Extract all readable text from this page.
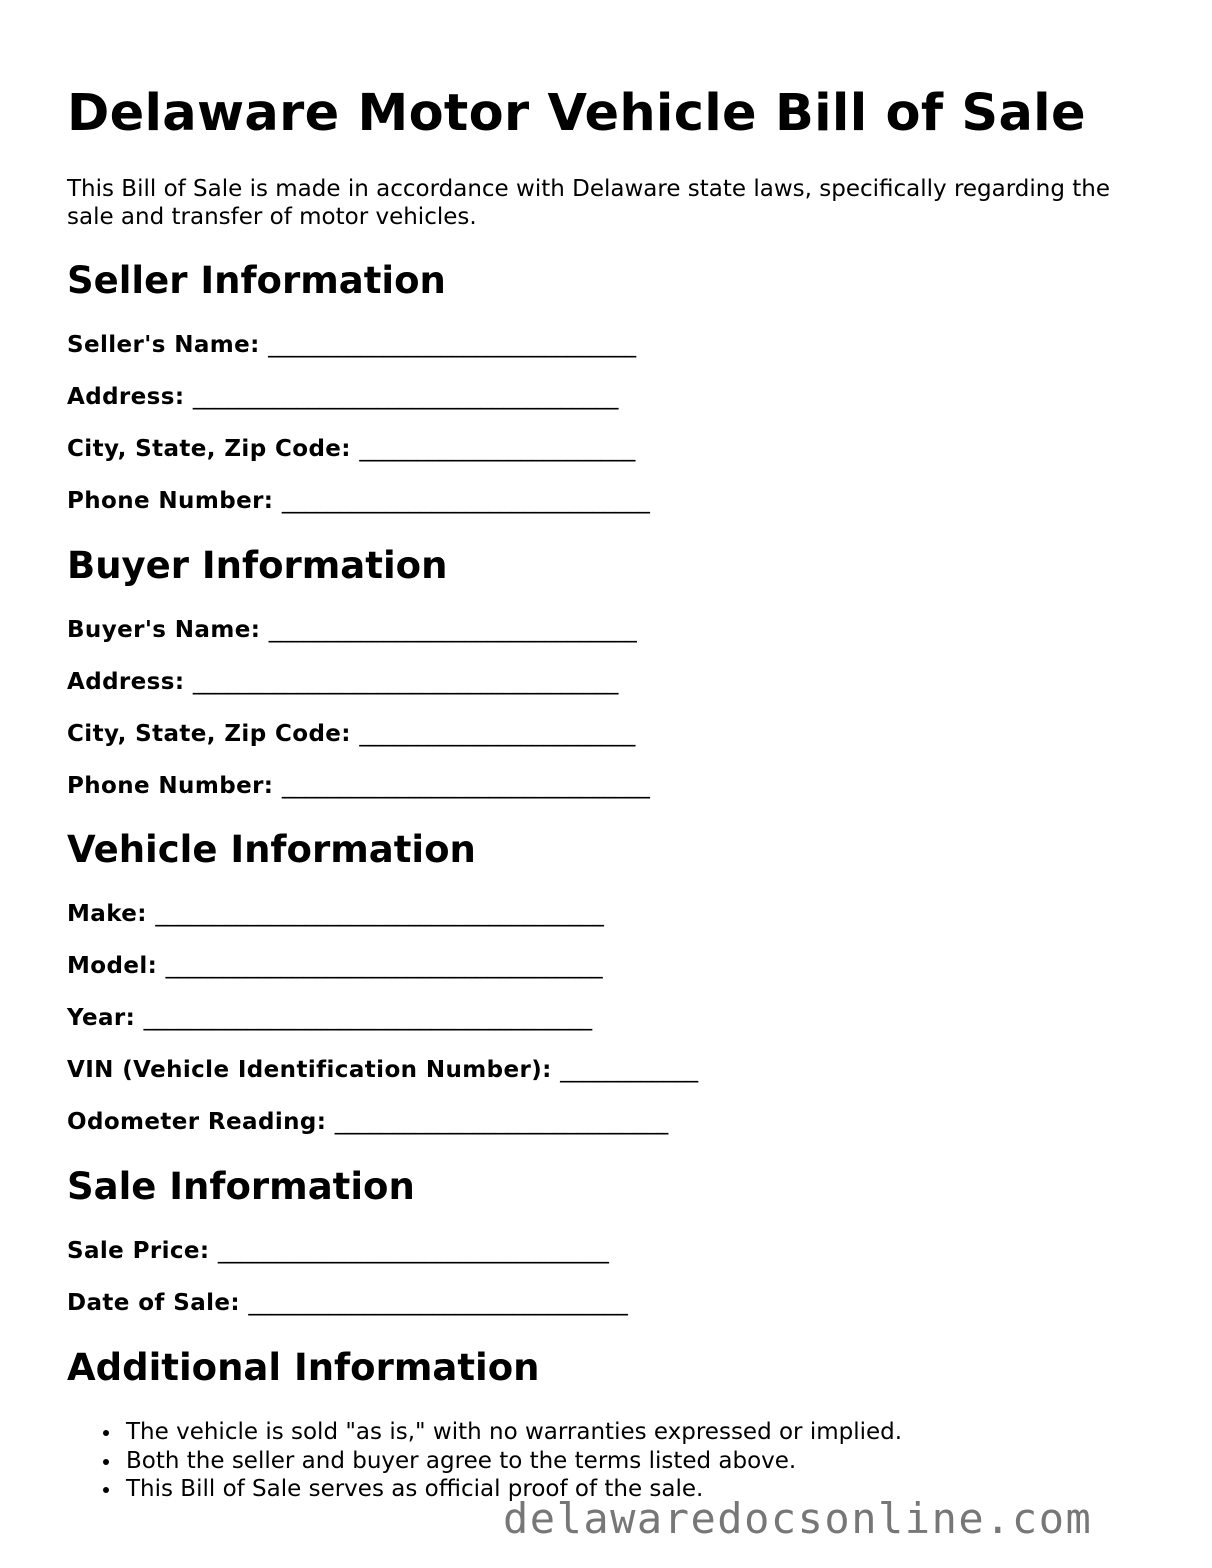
Delaware Motor Vehicle Bill of Sale

This Bill of Sale is made in accordance with Delaware state laws, specifically regarding the sale and transfer of motor vehicles.

Seller Information

Seller's Name: ________________________________

Address: _____________________________________

City, State, Zip Code: ________________________

Phone Number: ________________________________

Buyer Information

Buyer's Name: ________________________________

Address: _____________________________________

City, State, Zip Code: ________________________

Phone Number: ________________________________

Vehicle Information

Make: _______________________________________

Model: ______________________________________

Year: _______________________________________

VIN (Vehicle Identification Number): ____________

Odometer Reading: _____________________________

Sale Information

Sale Price: __________________________________

Date of Sale: _________________________________

Additional Information
The vehicle is sold "as is," with no warranties expressed or implied.
Both the seller and buyer agree to the terms listed above.
This Bill of Sale serves as official proof of the sale.
delawaredocsonline.com
